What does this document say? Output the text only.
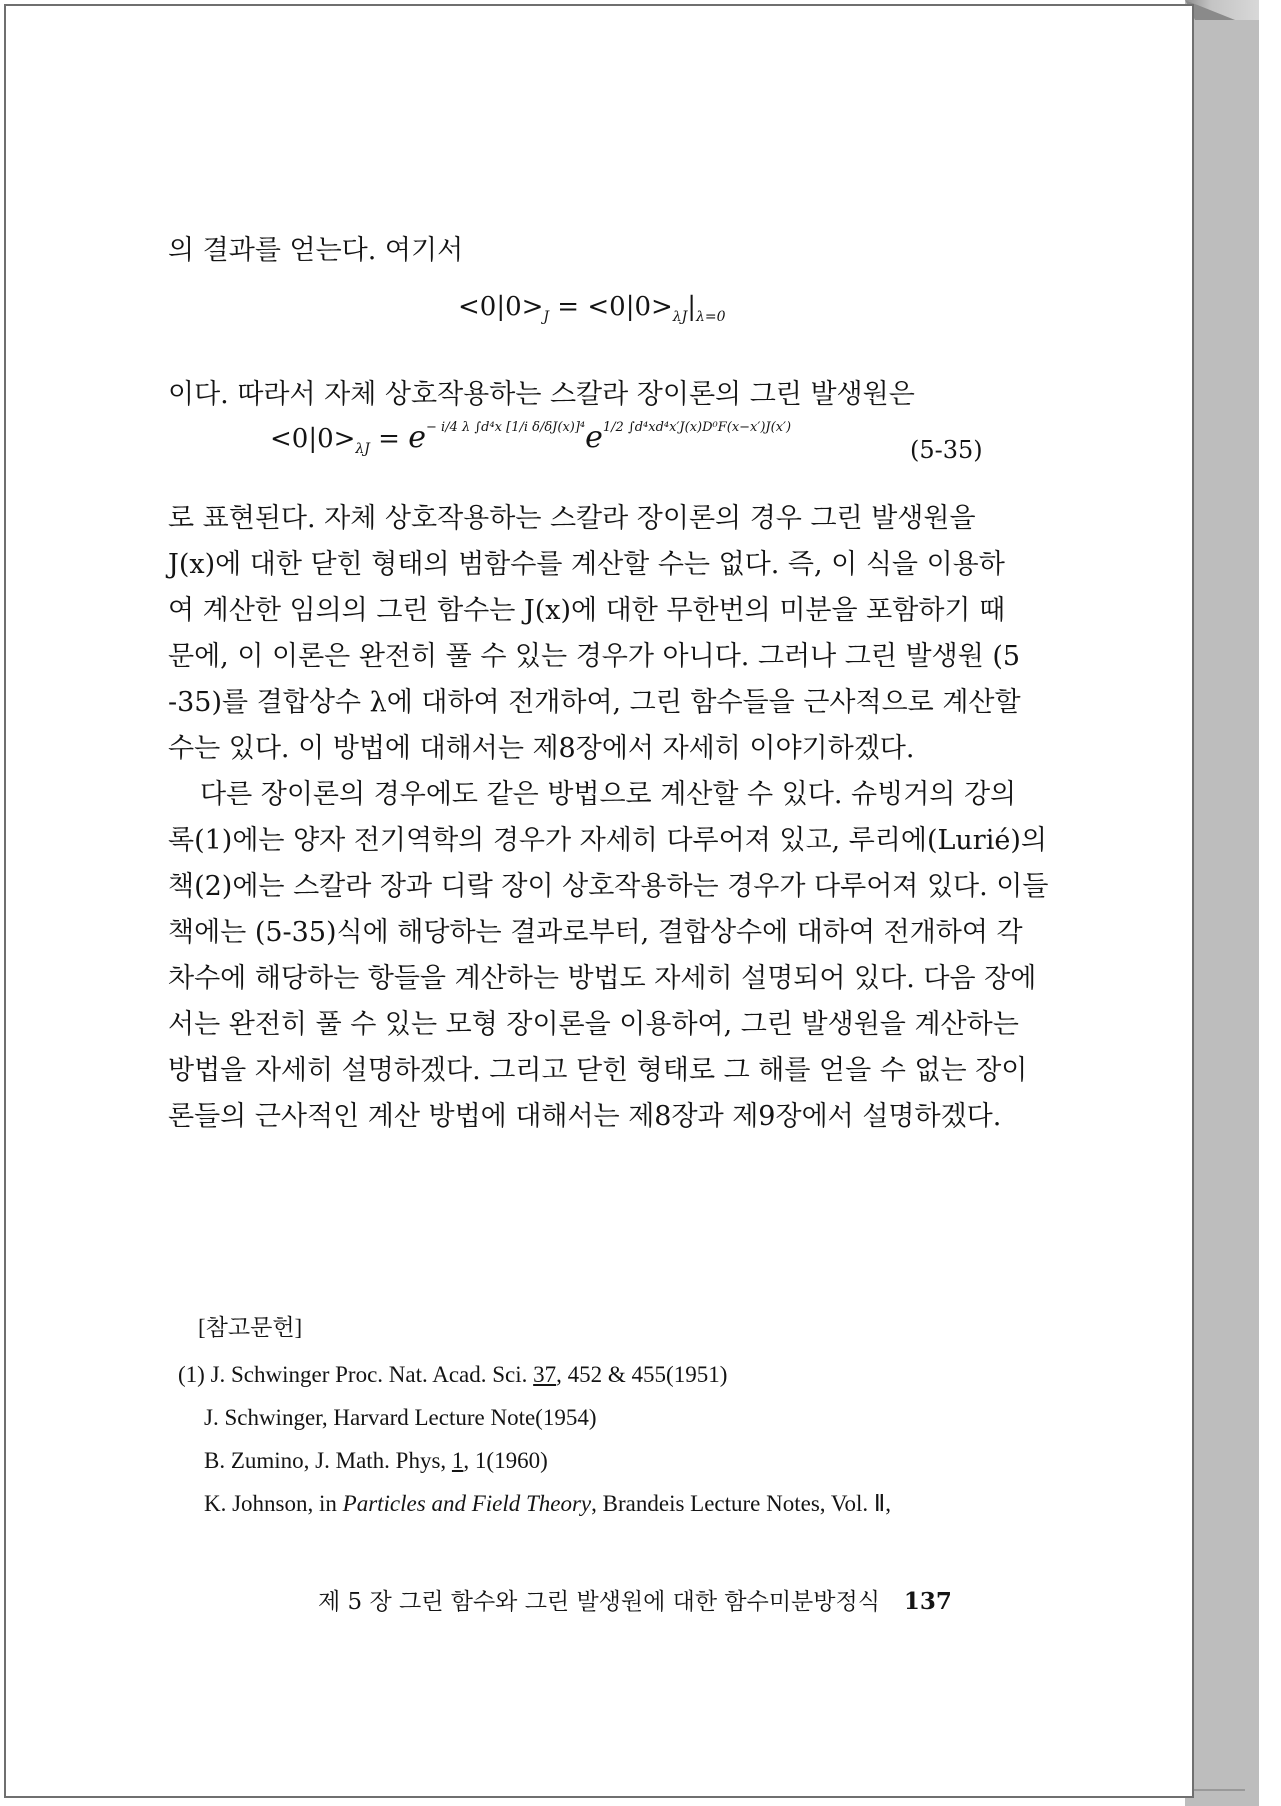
의 결과를 얻는다. 여기서
$<0|0>_J = <0|0>_{\lambda J}|_{\lambda=0}$
이다. 따라서 자체 상호작용하는 스칼라 장이론의 그린 발생원은
$<0|0>_{\lambda J} = e^{- i/4 \lambda \int d^4x [1/i \delta/\delta J(x)]^4}e^{1/2 \int d^4xd^4x'J(x)D^0F(x-x')J(x')}$
(5-35)

로 표현된다. 자체 상호작용하는 스칼라 장이론의 경우 그린 발생원을

J(x)에 대한 닫힌 형태의 범함수를 계산할 수는 없다. 즉, 이 식을 이용하

여 계산한 임의의 그린 함수는 J(x)에 대한 무한번의 미분을 포함하기 때

문에, 이 이론은 완전히 풀 수 있는 경우가 아니다. 그러나 그린 발생원 (5

-35)를 결합상수 λ에 대하여 전개하여, 그린 함수들을 근사적으로 계산할

수는 있다. 이 방법에 대해서는 제8장에서 자세히 이야기하겠다.

다른 장이론의 경우에도 같은 방법으로 계산할 수 있다. 슈빙거의 강의

록(1)에는 양자 전기역학의 경우가 자세히 다루어져 있고, 루리에(Lurié)의

책(2)에는 스칼라 장과 디랔 장이 상호작용하는 경우가 다루어져 있다. 이들

책에는 (5-35)식에 해당하는 결과로부터, 결합상수에 대하여 전개하여 각

차수에 해당하는 항들을 계산하는 방법도 자세히 설명되어 있다. 다음 장에

서는 완전히 풀 수 있는 모형 장이론을 이용하여, 그린 발생원을 계산하는

방법을 자세히 설명하겠다. 그리고 닫힌 형태로 그 해를 얻을 수 없는 장이

론들의 근사적인 계산 방법에 대해서는 제8장과 제9장에서 설명하겠다.

[참고문헌]

(1) J. Schwinger Proc. Nat. Acad. Sci. 37, 452 & 455(1951)

J. Schwinger, Harvard Lecture Note(1954)

B. Zumino, J. Math. Phys, 1, 1(1960)

K. Johnson, in Particles and Field Theory, Brandeis Lecture Notes, Vol. Ⅱ,

제 5 장 그린 함수와 그린 발생원에 대한 함수미분방정식 137
